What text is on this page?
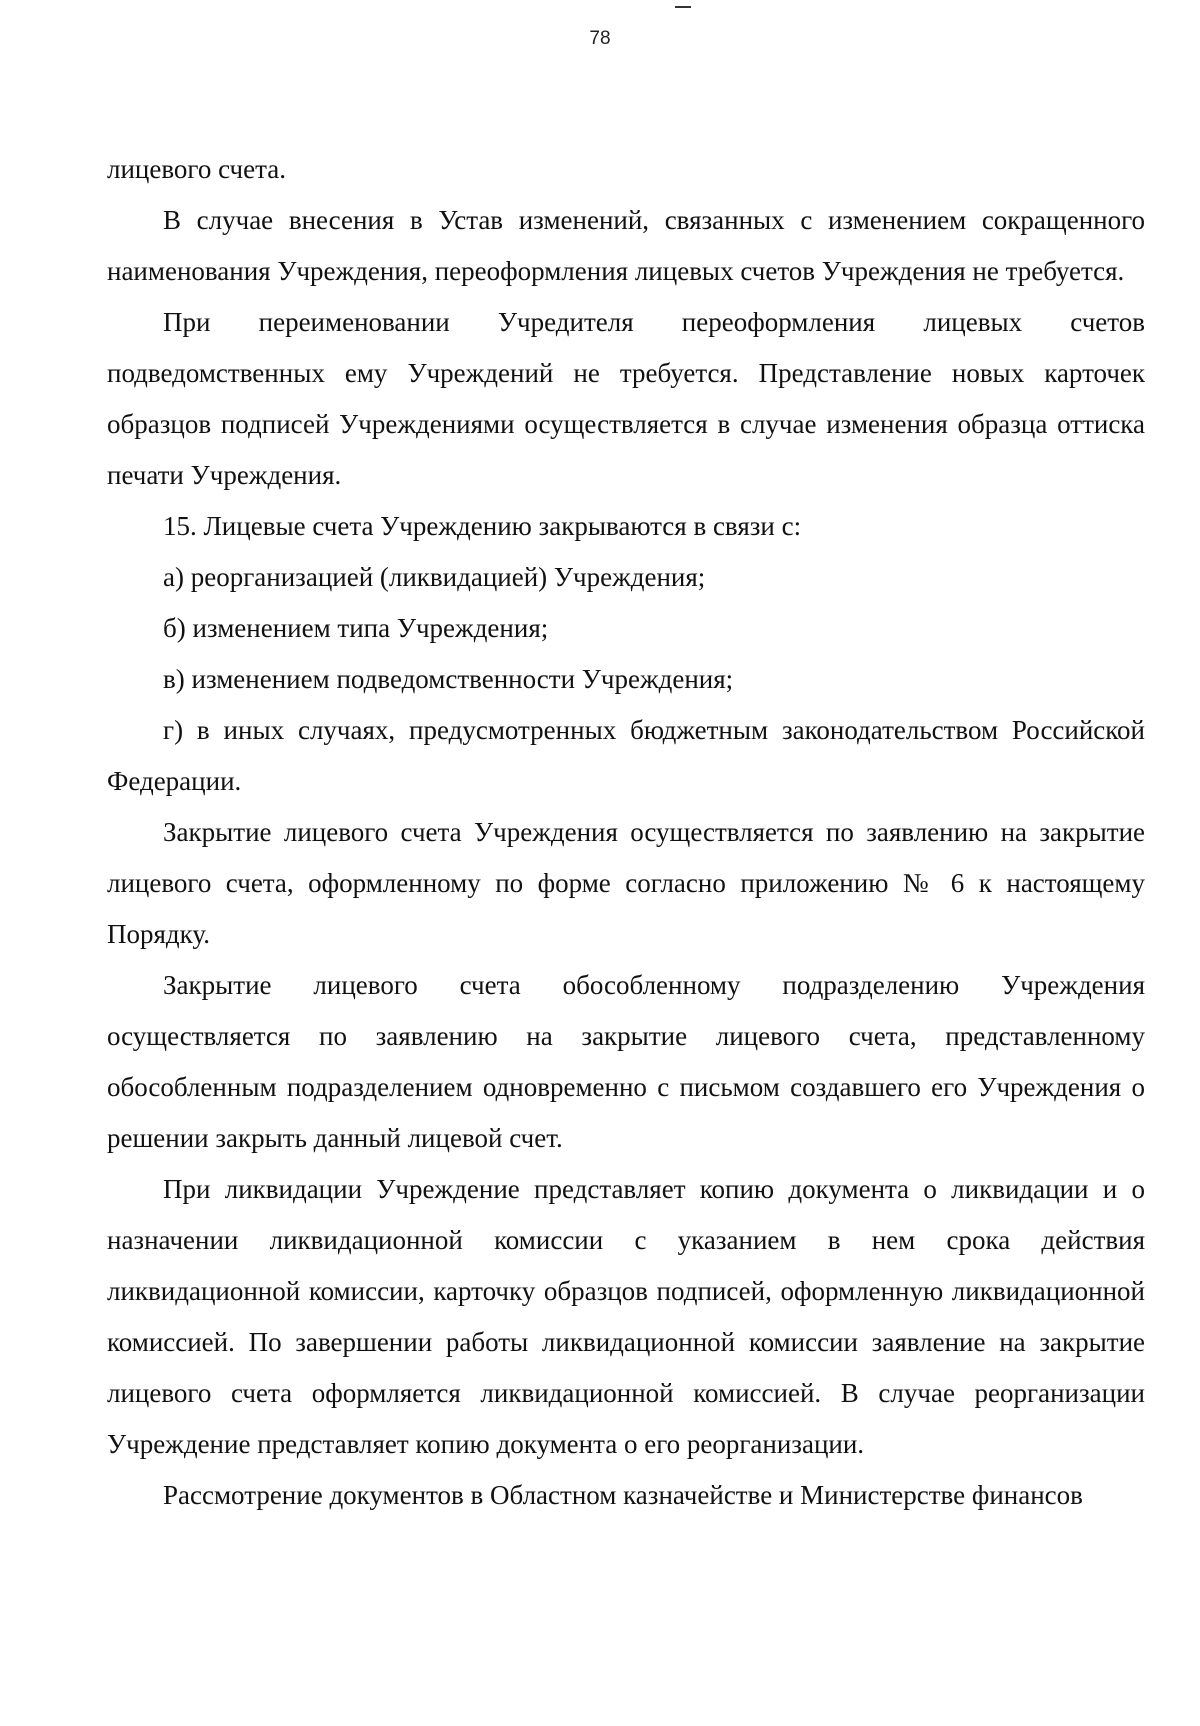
78

лицевого счета.

В случае внесения в Устав изменений, связанных с изменением сокращенного наименования Учреждения, переоформления лицевых счетов Учреждения не требуется.

При переименовании Учредителя переоформления лицевых счетов подведомственных ему Учреждений не требуется. Представление новых карточек образцов подписей Учреждениями осуществляется в случае изменения образца оттиска печати Учреждения.

15. Лицевые счета Учреждению закрываются в связи с:

а) реорганизацией (ликвидацией) Учреждения;

б) изменением типа Учреждения;

в) изменением подведомственности Учреждения;

г) в иных случаях, предусмотренных бюджетным законодательством Российской Федерации.

Закрытие лицевого счета Учреждения осуществляется по заявлению на закрытие лицевого счета, оформленному по форме согласно приложению № 6 к настоящему Порядку.

Закрытие лицевого счета обособленному подразделению Учреждения осуществляется по заявлению на закрытие лицевого счета, представленному обособленным подразделением одновременно с письмом создавшего его Учреждения о решении закрыть данный лицевой счет.

При ликвидации Учреждение представляет копию документа о ликвидации и о назначении ликвидационной комиссии с указанием в нем срока действия ликвидационной комиссии, карточку образцов подписей, оформленную ликвидационной комиссией. По завершении работы ликвидационной комиссии заявление на закрытие лицевого счета оформляется ликвидационной комиссией. В случае реорганизации Учреждение представляет копию документа о его реорганизации.

Рассмотрение документов в Областном казначействе и Министерстве финансов
